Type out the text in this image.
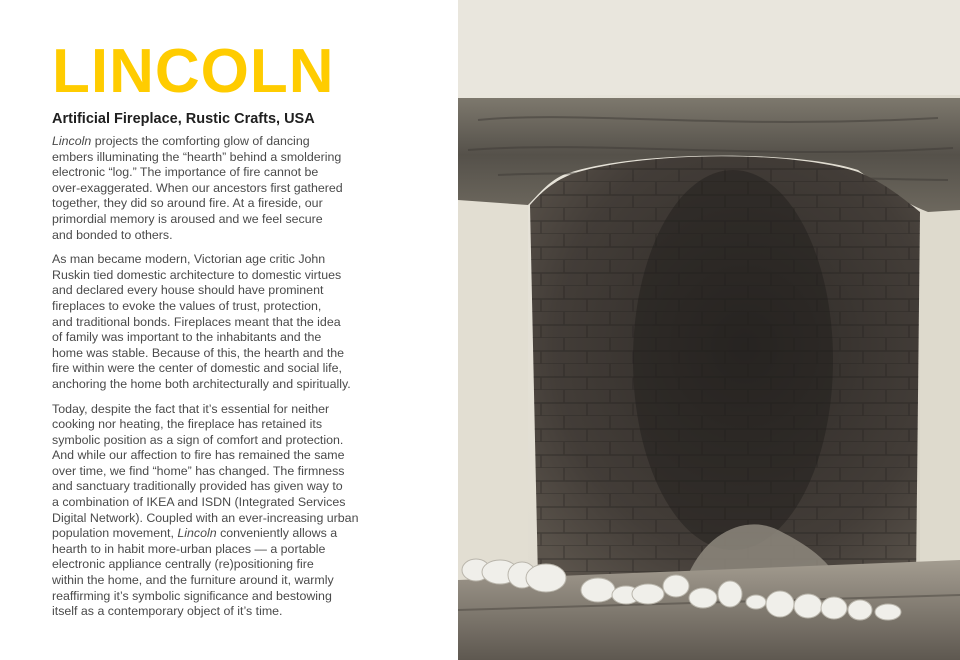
LINCOLN
Artificial Fireplace, Rustic Crafts, USA

Lincoln projects the comforting glow of dancing
embers illuminating the “hearth” behind a smoldering
electronic “log.” The importance of fire cannot be
over-exaggerated. When our ancestors first gathered
together, they did so around fire. At a fireside, our
primordial memory is aroused and we feel secure
and bonded to others.

As man became modern, Victorian age critic John
Ruskin tied domestic architecture to domestic virtues
and declared every house should have prominent
fireplaces to evoke the values of trust, protection,
and traditional bonds. Fireplaces meant that the idea
of family was important to the inhabitants and the
home was stable. Because of this, the hearth and the
fire within were the center of domestic and social life,
anchoring the home both architecturally and spiritually.

Today, despite the fact that it’s essential for neither
cooking nor heating, the fireplace has retained its
symbolic position as a sign of comfort and protection.
And while our affection to fire has remained the same
over time, we find “home” has changed. The firmness
and sanctuary traditionally provided has given way to
a combination of IKEA and ISDN (Integrated Services
Digital Network). Coupled with an ever-increasing urban
population movement, Lincoln conveniently allows a
hearth to in habit more-urban places — a portable
electronic appliance centrally (re)positioning fire
within the home, and the furniture around it, warmly
reaffirming it’s symbolic significance and bestowing
itself as a contemporary object of it’s time.
